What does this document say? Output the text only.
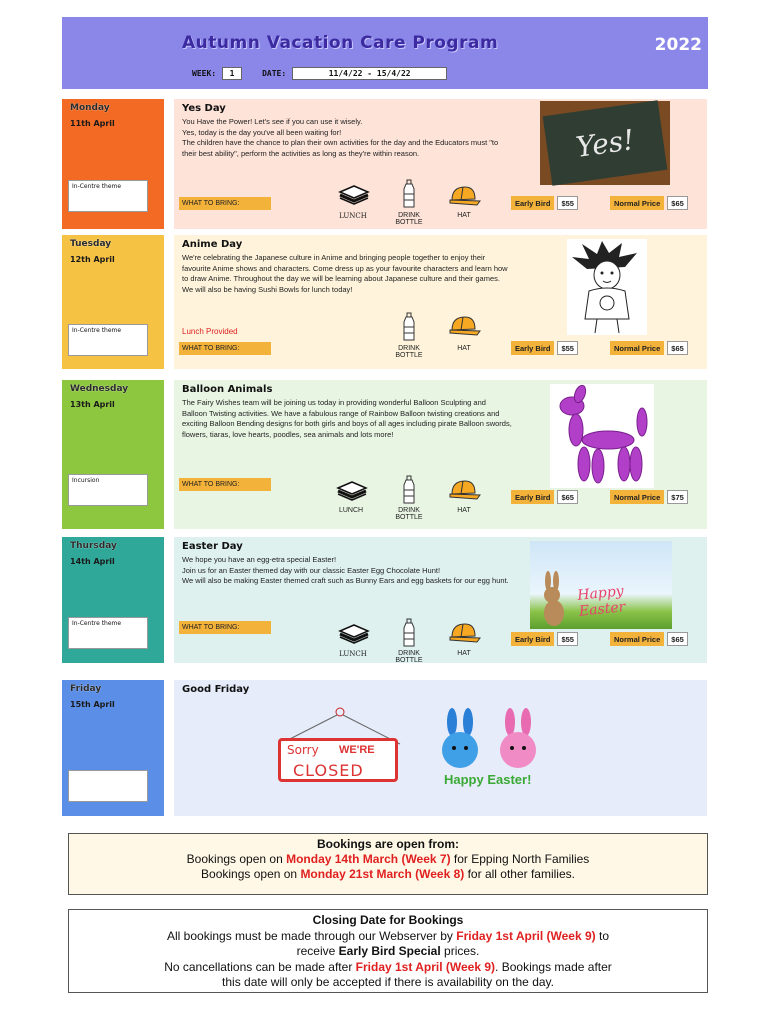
Autumn Vacation Care Program	2022
WEEK:	1	DATE:	11/4/22 - 15/4/22
Monday
11th April
In-Centre theme
Yes Day
You Have the Power! Let's see if you can use it wisely.
Yes, today is the day you've all been waiting for!
The children have the chance to plan their own activities for the day and the Educators must "to their best ability", perform the activities as long as they're within reason.
WHAT TO BRING:
LUNCH	DRINK BOTTLE
HAT
Early Bird	$55	Normal Price	$65
Yes!
Tuesday
12th April
In-Centre theme
Anime Day
We're celebrating the Japanese culture in Anime and bringing people together to enjoy their favourite Anime shows and characters. Come dress up as your favourite characters and learn how to draw Anime. Throughout the day we will be learning about Japanese culture and their games. We will also be having Sushi Bowls for lunch today!
Lunch Provided
WHAT TO BRING:	DRINK BOTTLE
HAT	Early Bird	$55	Normal Price	$65
Wednesday
13th April
Incursion
Balloon Animals
The Fairy Wishes team will be joining us today in providing wonderful Balloon Sculpting and Balloon Twisting activities. We have a fabulous range of Rainbow Balloon twisting creations and exciting Balloon Bending designs for both girls and boys of all ages including pirate Balloon swords, flowers, tiaras, love hearts, poodles, sea animals and lots more!
WHAT TO BRING:
LUNCH	DRINK BOTTLE
HAT
Early Bird	$65	Normal Price	$75
Thursday
14th April
In-Centre theme
Easter Day
We hope you have an egg-etra special Easter!
Join us for an Easter themed day with our classic Easter Egg Chocolate Hunt!
We will also be making Easter themed craft such as Bunny Ears and egg baskets for our egg hunt.
WHAT TO BRING:
LUNCH	DRINK BOTTLE
HAT
Early Bird	$55	Normal Price	$65
Happy Easter
Friday
15th April
Good Friday
Sorry WE'RE
CLOSED	Happy Easter!
Bookings are open from:
Bookings open on Monday 14th March (Week 7) for Epping North Families
Bookings open on Monday 21st March (Week 8) for all other families.
Closing Date for Bookings
All bookings must be made through our Webserver by Friday 1st April (Week 9) to
receive Early Bird Special prices.
No cancellations can be made after Friday 1st April (Week 9). Bookings made after
this date will only be accepted if there is availability on the day.
